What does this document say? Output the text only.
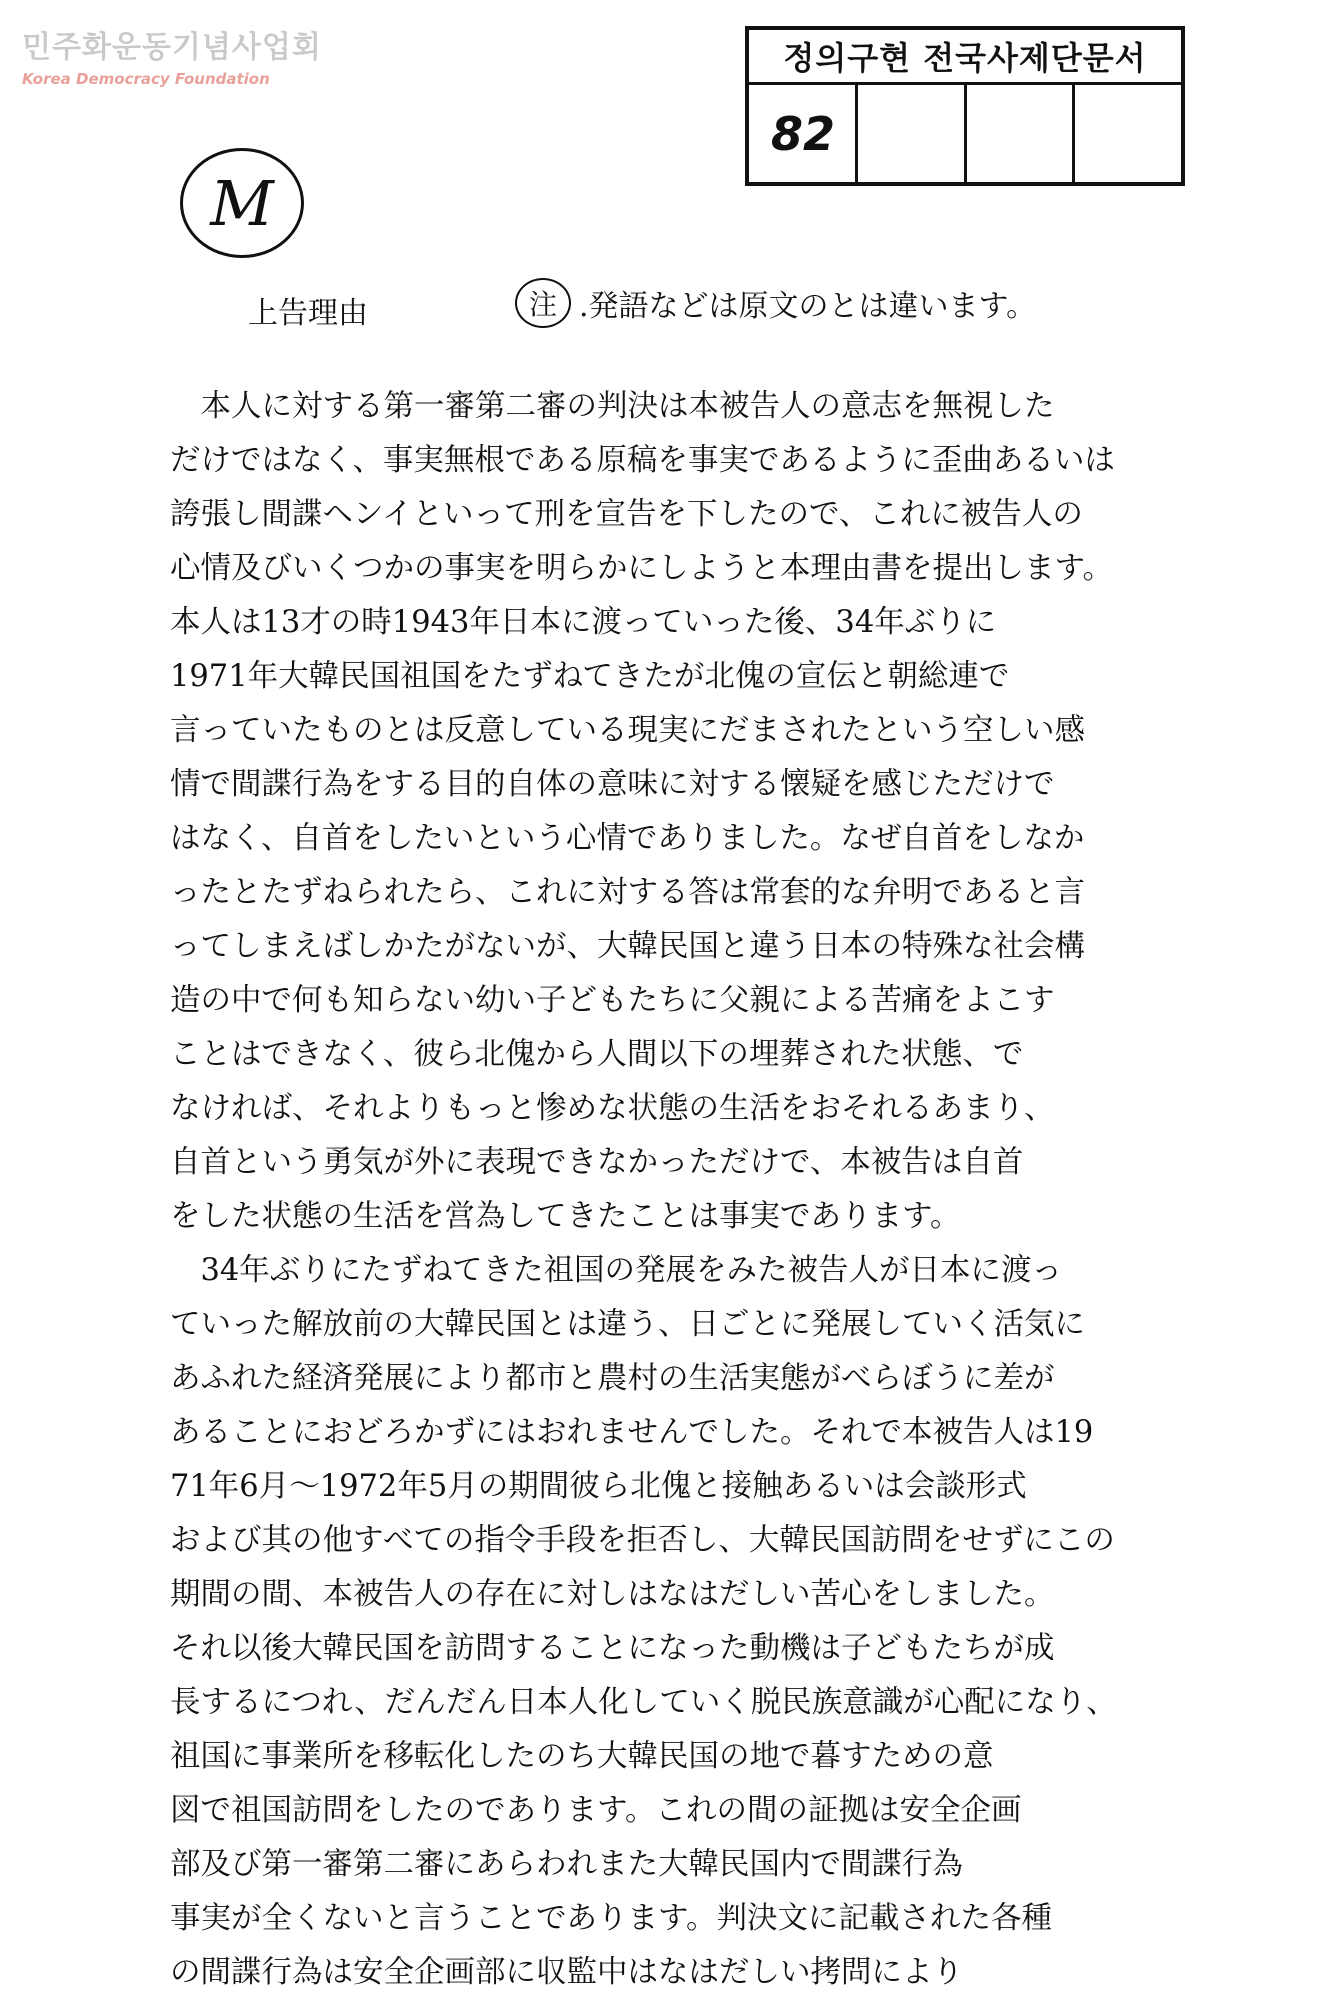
민주화운동기념사업회
Korea Democracy Foundation
정의구현 전국사제단문서
82
M
上告理由	注 .発語などは原文のとは違います。
　本人に対する第一審第二審の判決は本被告人の意志を無視した
だけではなく、事実無根である原稿を事実であるように歪曲あるいは
誇張し間諜ヘンイといって刑を宣告を下したので、これに被告人の
心情及びいくつかの事実を明らかにしようと本理由書を提出します。
本人は13才の時1943年日本に渡っていった後、34年ぶりに
1971年大韓民国祖国をたずねてきたが北傀の宣伝と朝総連で
言っていたものとは反意している現実にだまされたという空しい感
情で間諜行為をする目的自体の意味に対する懐疑を感じただけで
はなく、自首をしたいという心情でありました。なぜ自首をしなか
ったとたずねられたら、これに対する答は常套的な弁明であると言
ってしまえばしかたがないが、大韓民国と違う日本の特殊な社会構
造の中で何も知らない幼い子どもたちに父親による苦痛をよこす
ことはできなく、彼ら北傀から人間以下の埋葬された状態、で
なければ、それよりもっと惨めな状態の生活をおそれるあまり、
自首という勇気が外に表現できなかっただけで、本被告は自首
をした状態の生活を営為してきたことは事実であります。
　34年ぶりにたずねてきた祖国の発展をみた被告人が日本に渡っ
ていった解放前の大韓民国とは違う、日ごとに発展していく活気に
あふれた経済発展により都市と農村の生活実態がべらぼうに差が
あることにおどろかずにはおれませんでした。それで本被告人は19
71年6月～1972年5月の期間彼ら北傀と接触あるいは会談形式
および其の他すべての指令手段を拒否し、大韓民国訪問をせずにこの
期間の間、本被告人の存在に対しはなはだしい苦心をしました。
それ以後大韓民国を訪問することになった動機は子どもたちが成
長するにつれ、だんだん日本人化していく脱民族意識が心配になり、
祖国に事業所を移転化したのち大韓民国の地で暮すための意
図で祖国訪問をしたのであります。これの間の証拠は安全企画
部及び第一審第二審にあらわれまた大韓民国内で間諜行為
事実が全くないと言うことであります。判決文に記載された各種
の間諜行為は安全企画部に収監中はなはだしい拷問により
